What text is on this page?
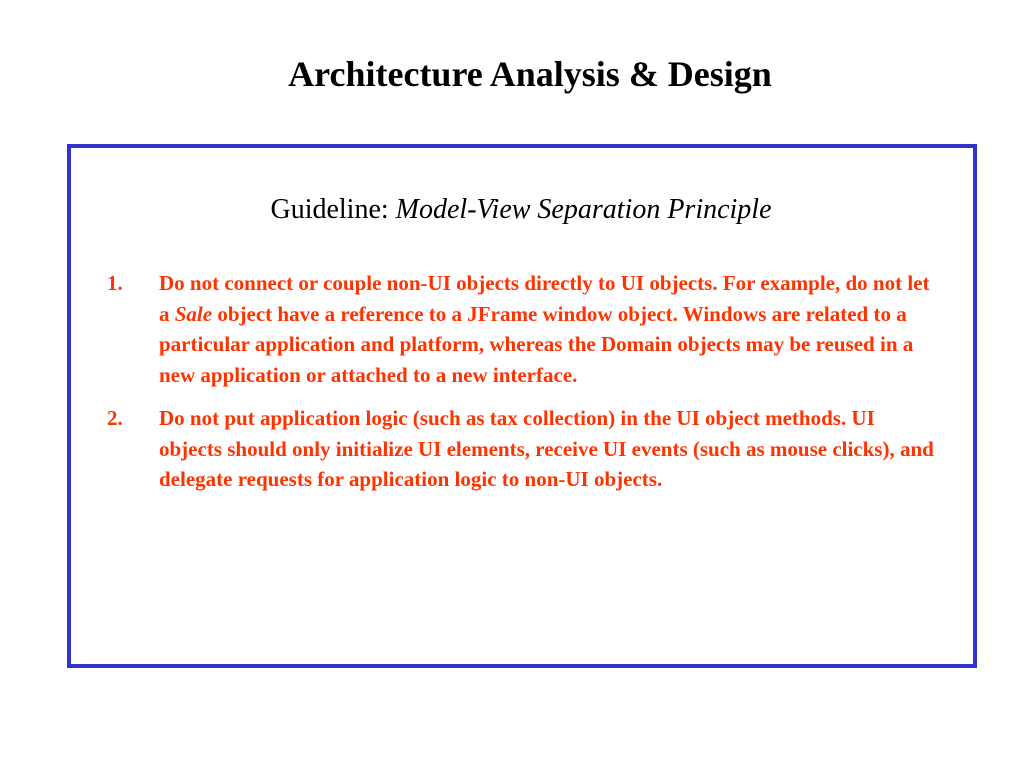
Architecture Analysis & Design
Guideline: Model-View Separation Principle
1. Do not connect or couple non-UI objects directly to UI objects. For example, do not let a Sale object have a reference to a JFrame window object. Windows are related to a particular application and platform, whereas the Domain objects may be reused in a new application or attached to a new interface.
2. Do not put application logic (such as tax collection) in the UI object methods. UI objects should only initialize UI elements, receive UI events (such as mouse clicks), and delegate requests for application logic to non-UI objects.
